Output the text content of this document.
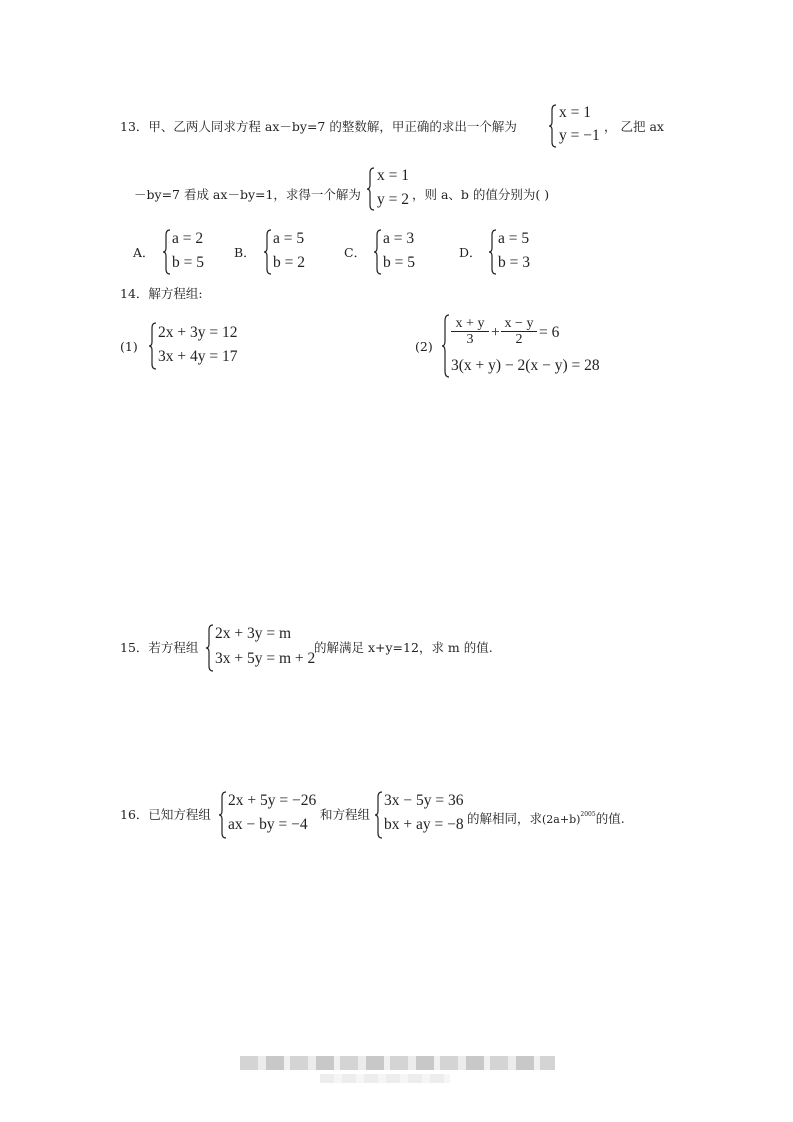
13．甲、乙两人同求方程 ax－by=7 的整数解，甲正确的求出一个解为
x = 1
y = −1
， 乙把 ax
－by=7 看成 ax－by=1，求得一个解为
x = 1
y = 2 ，则 a、b 的值分别为( )
A．
a = 2
b = 5
B．
a = 5
b = 2
C．
a = 3
b = 5
D．
a = 5
b = 3
14．解方程组:
(1)
2x + 3y = 12
3x + 4y = 17
(2)
x + y
3	+
x − y
2	= 6
3(x + y) − 2(x − y) = 28
15．若方程组
2x + 3y = m
3x + 5y = m + 2
的解满足 x+y=12，求 m 的值.
16．已知方程组
2x + 5y = −26
ax − by = −4
和方程组
3x − 5y = 36
bx + ay = −8 的解相同，求$(2a+b)^{2005}$的值.
